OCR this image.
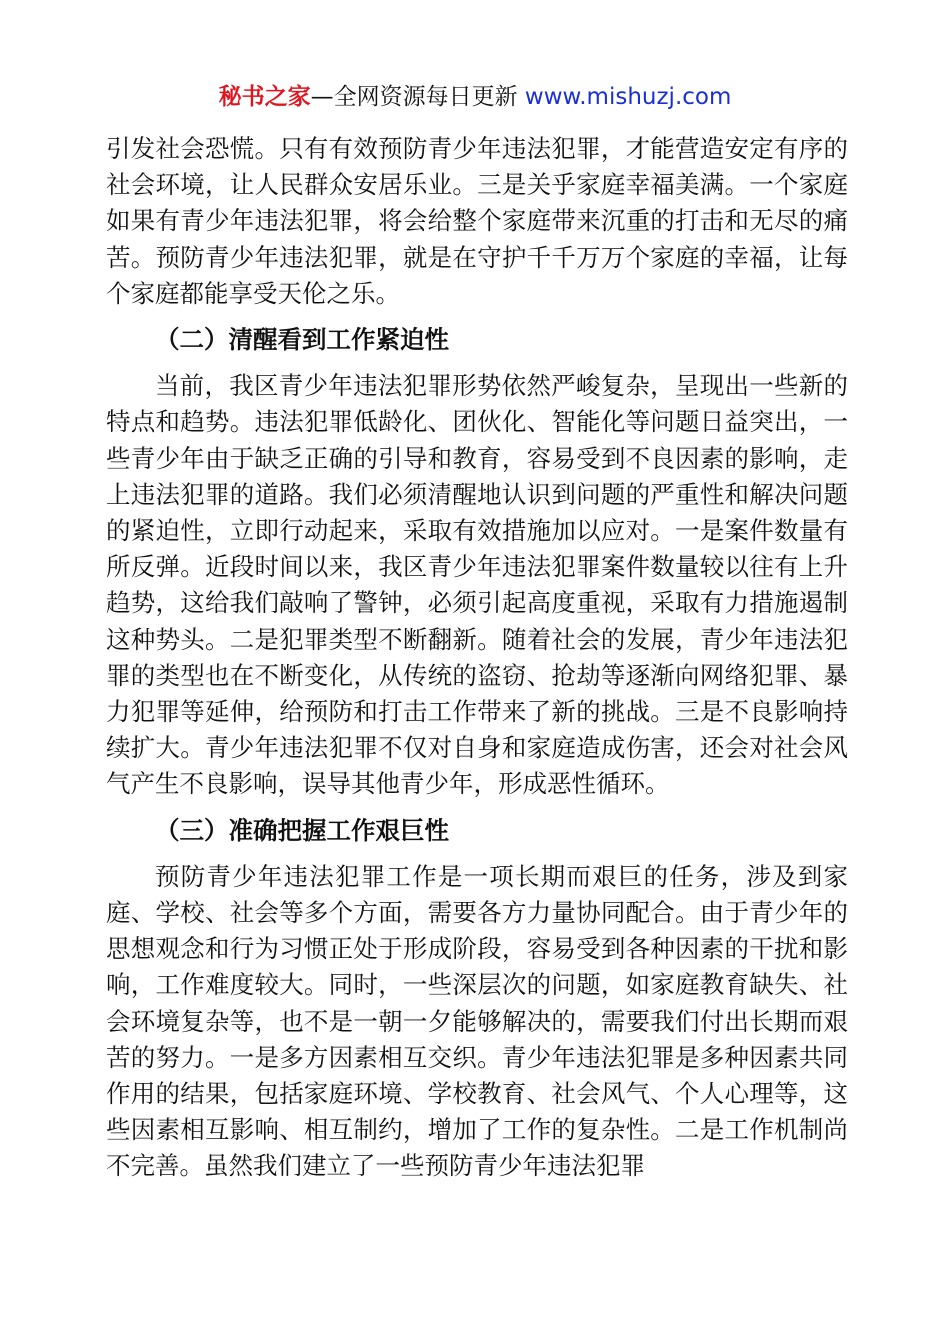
秘书之家—全网资源每日更新 www.mishuzj.com

引发社会恐慌。只有有效预防青少年违法犯罪，才能营造安定有序的社会环境，让人民群众安居乐业。三是关乎家庭幸福美满。一个家庭如果有青少年违法犯罪，将会给整个家庭带来沉重的打击和无尽的痛苦。预防青少年违法犯罪，就是在守护千千万万个家庭的幸福，让每个家庭都能享受天伦之乐。

（二）清醒看到工作紧迫性

当前，我区青少年违法犯罪形势依然严峻复杂，呈现出一些新的特点和趋势。违法犯罪低龄化、团伙化、智能化等问题日益突出，一些青少年由于缺乏正确的引导和教育，容易受到不良因素的影响，走上违法犯罪的道路。我们必须清醒地认识到问题的严重性和解决问题的紧迫性，立即行动起来，采取有效措施加以应对。一是案件数量有所反弹。近段时间以来，我区青少年违法犯罪案件数量较以往有上升趋势，这给我们敲响了警钟，必须引起高度重视，采取有力措施遏制这种势头。二是犯罪类型不断翻新。随着社会的发展，青少年违法犯罪的类型也在不断变化，从传统的盗窃、抢劫等逐渐向网络犯罪、暴力犯罪等延伸，给预防和打击工作带来了新的挑战。三是不良影响持续扩大。青少年违法犯罪不仅对自身和家庭造成伤害，还会对社会风气产生不良影响，误导其他青少年，形成恶性循环。

（三）准确把握工作艰巨性

预防青少年违法犯罪工作是一项长期而艰巨的任务，涉及到家庭、学校、社会等多个方面，需要各方力量协同配合。由于青少年的思想观念和行为习惯正处于形成阶段，容易受到各种因素的干扰和影响，工作难度较大。同时，一些深层次的问题，如家庭教育缺失、社会环境复杂等，也不是一朝一夕能够解决的，需要我们付出长期而艰苦的努力。一是多方因素相互交织。青少年违法犯罪是多种因素共同作用的结果，包括家庭环境、学校教育、社会风气、个人心理等，这些因素相互影响、相互制约，增加了工作的复杂性。二是工作机制尚不完善。虽然我们建立了一些预防青少年违法犯罪
